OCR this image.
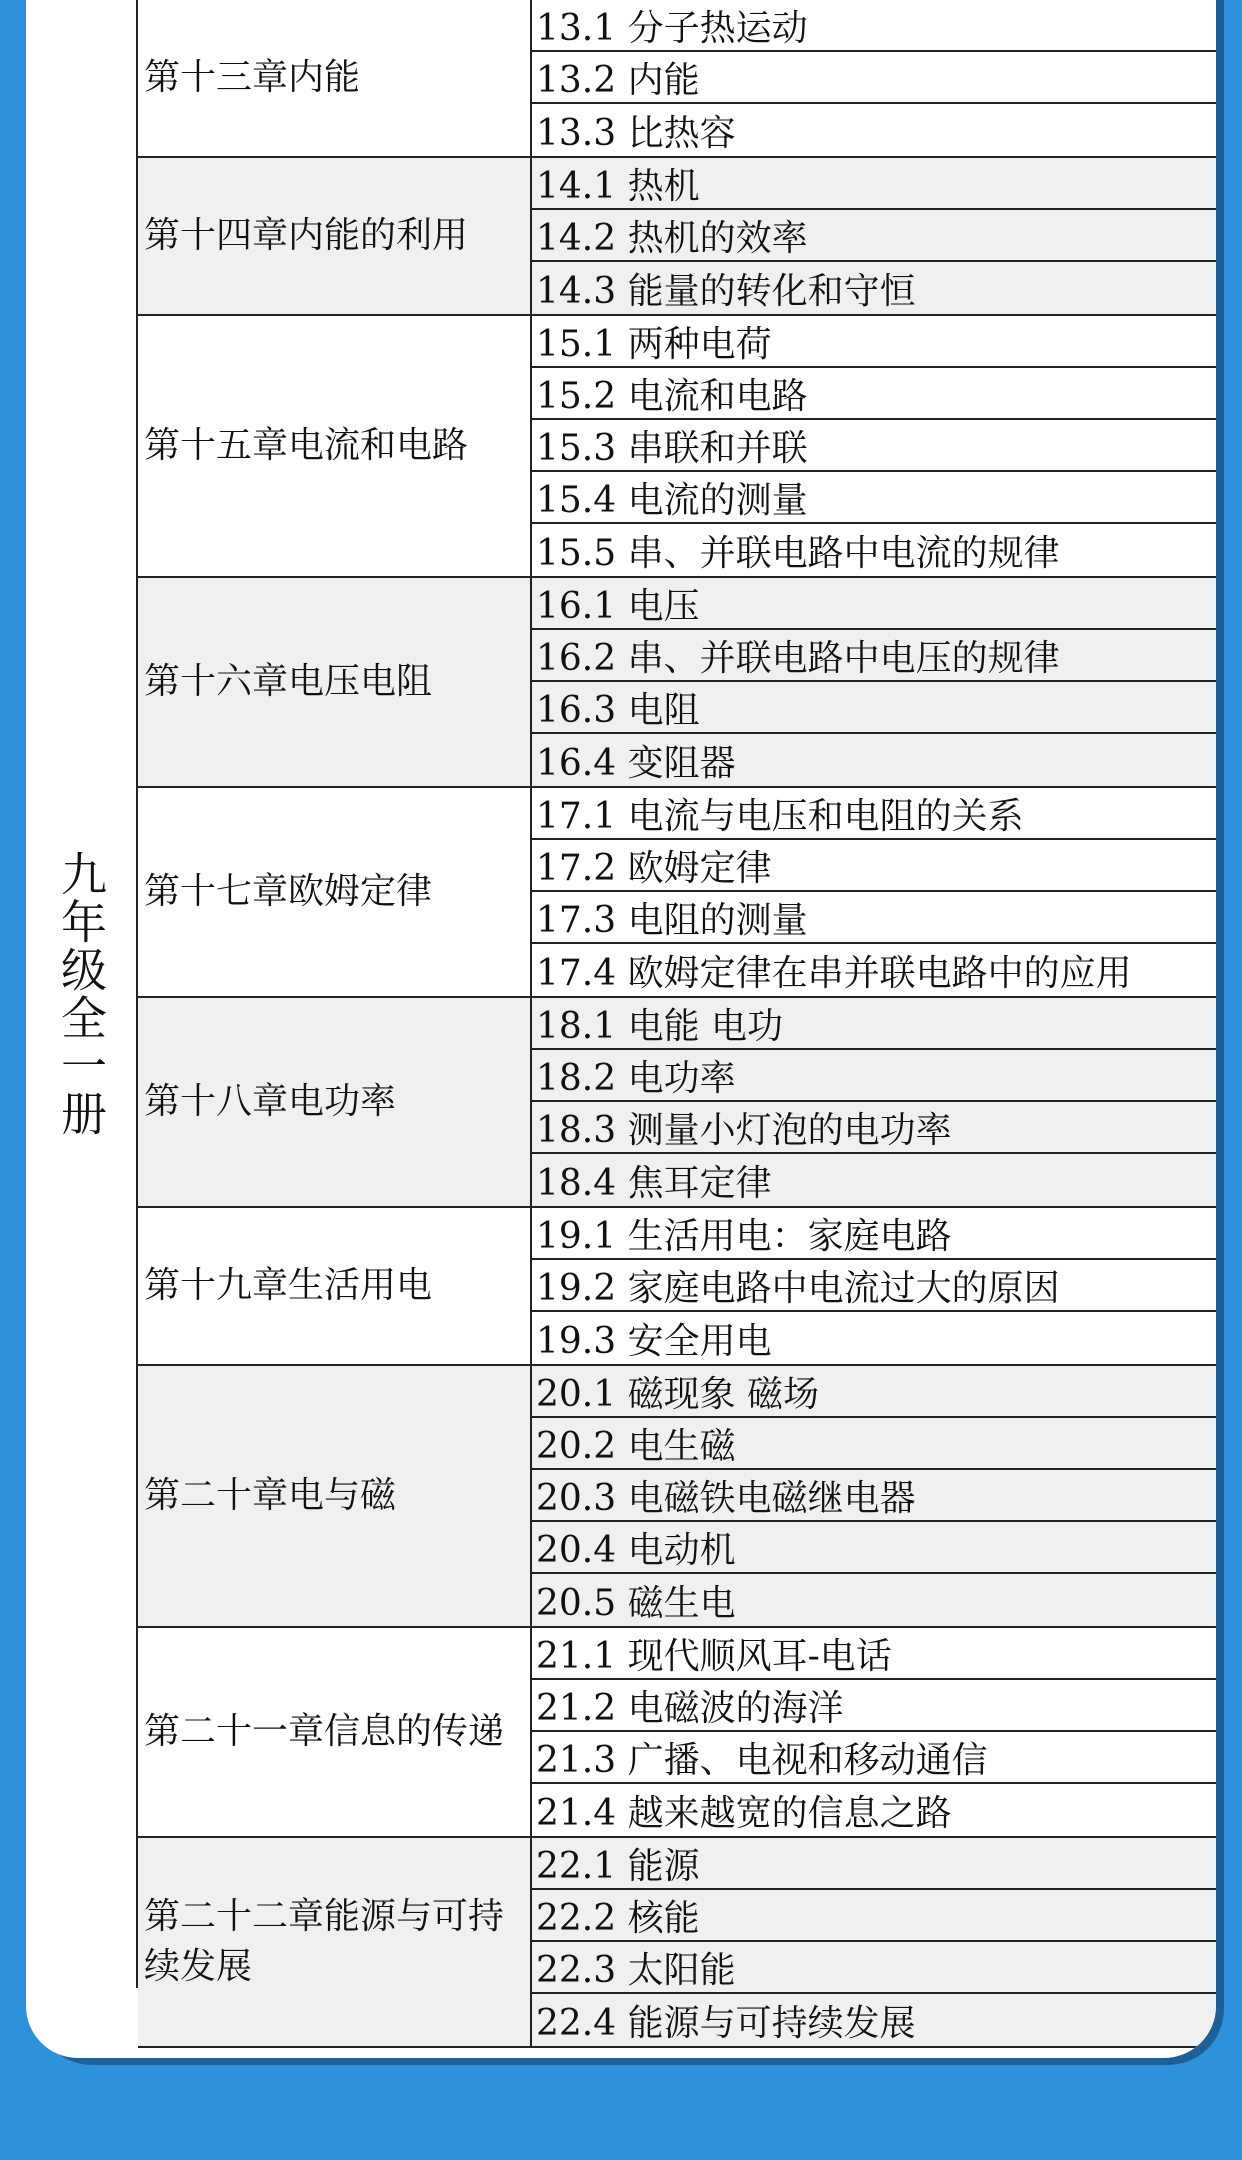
九年级全一册
第十三章内能
13.1 分子热运动
13.2 内能
13.3 比热容
第十四章内能的利用
14.1 热机
14.2 热机的效率
14.3 能量的转化和守恒
第十五章电流和电路
15.1 两种电荷
15.2 电流和电路
15.3 串联和并联
15.4 电流的测量
15.5 串、并联电路中电流的规律
第十六章电压电阻
16.1 电压
16.2 串、并联电路中电压的规律
16.3 电阻
16.4 变阻器
第十七章欧姆定律
17.1 电流与电压和电阻的关系
17.2 欧姆定律
17.3 电阻的测量
17.4 欧姆定律在串并联电路中的应用
第十八章电功率
18.1 电能 电功
18.2 电功率
18.3 测量小灯泡的电功率
18.4 焦耳定律
第十九章生活用电
19.1 生活用电：家庭电路
19.2 家庭电路中电流过大的原因
19.3 安全用电
第二十章电与磁
20.1 磁现象 磁场
20.2 电生磁
20.3 电磁铁电磁继电器
20.4 电动机
20.5 磁生电
第二十一章信息的传递
21.1 现代顺风耳-电话
21.2 电磁波的海洋
21.3 广播、电视和移动通信
21.4 越来越宽的信息之路
第二十二章能源与可持
续发展
22.1 能源
22.2 核能
22.3 太阳能
22.4 能源与可持续发展
